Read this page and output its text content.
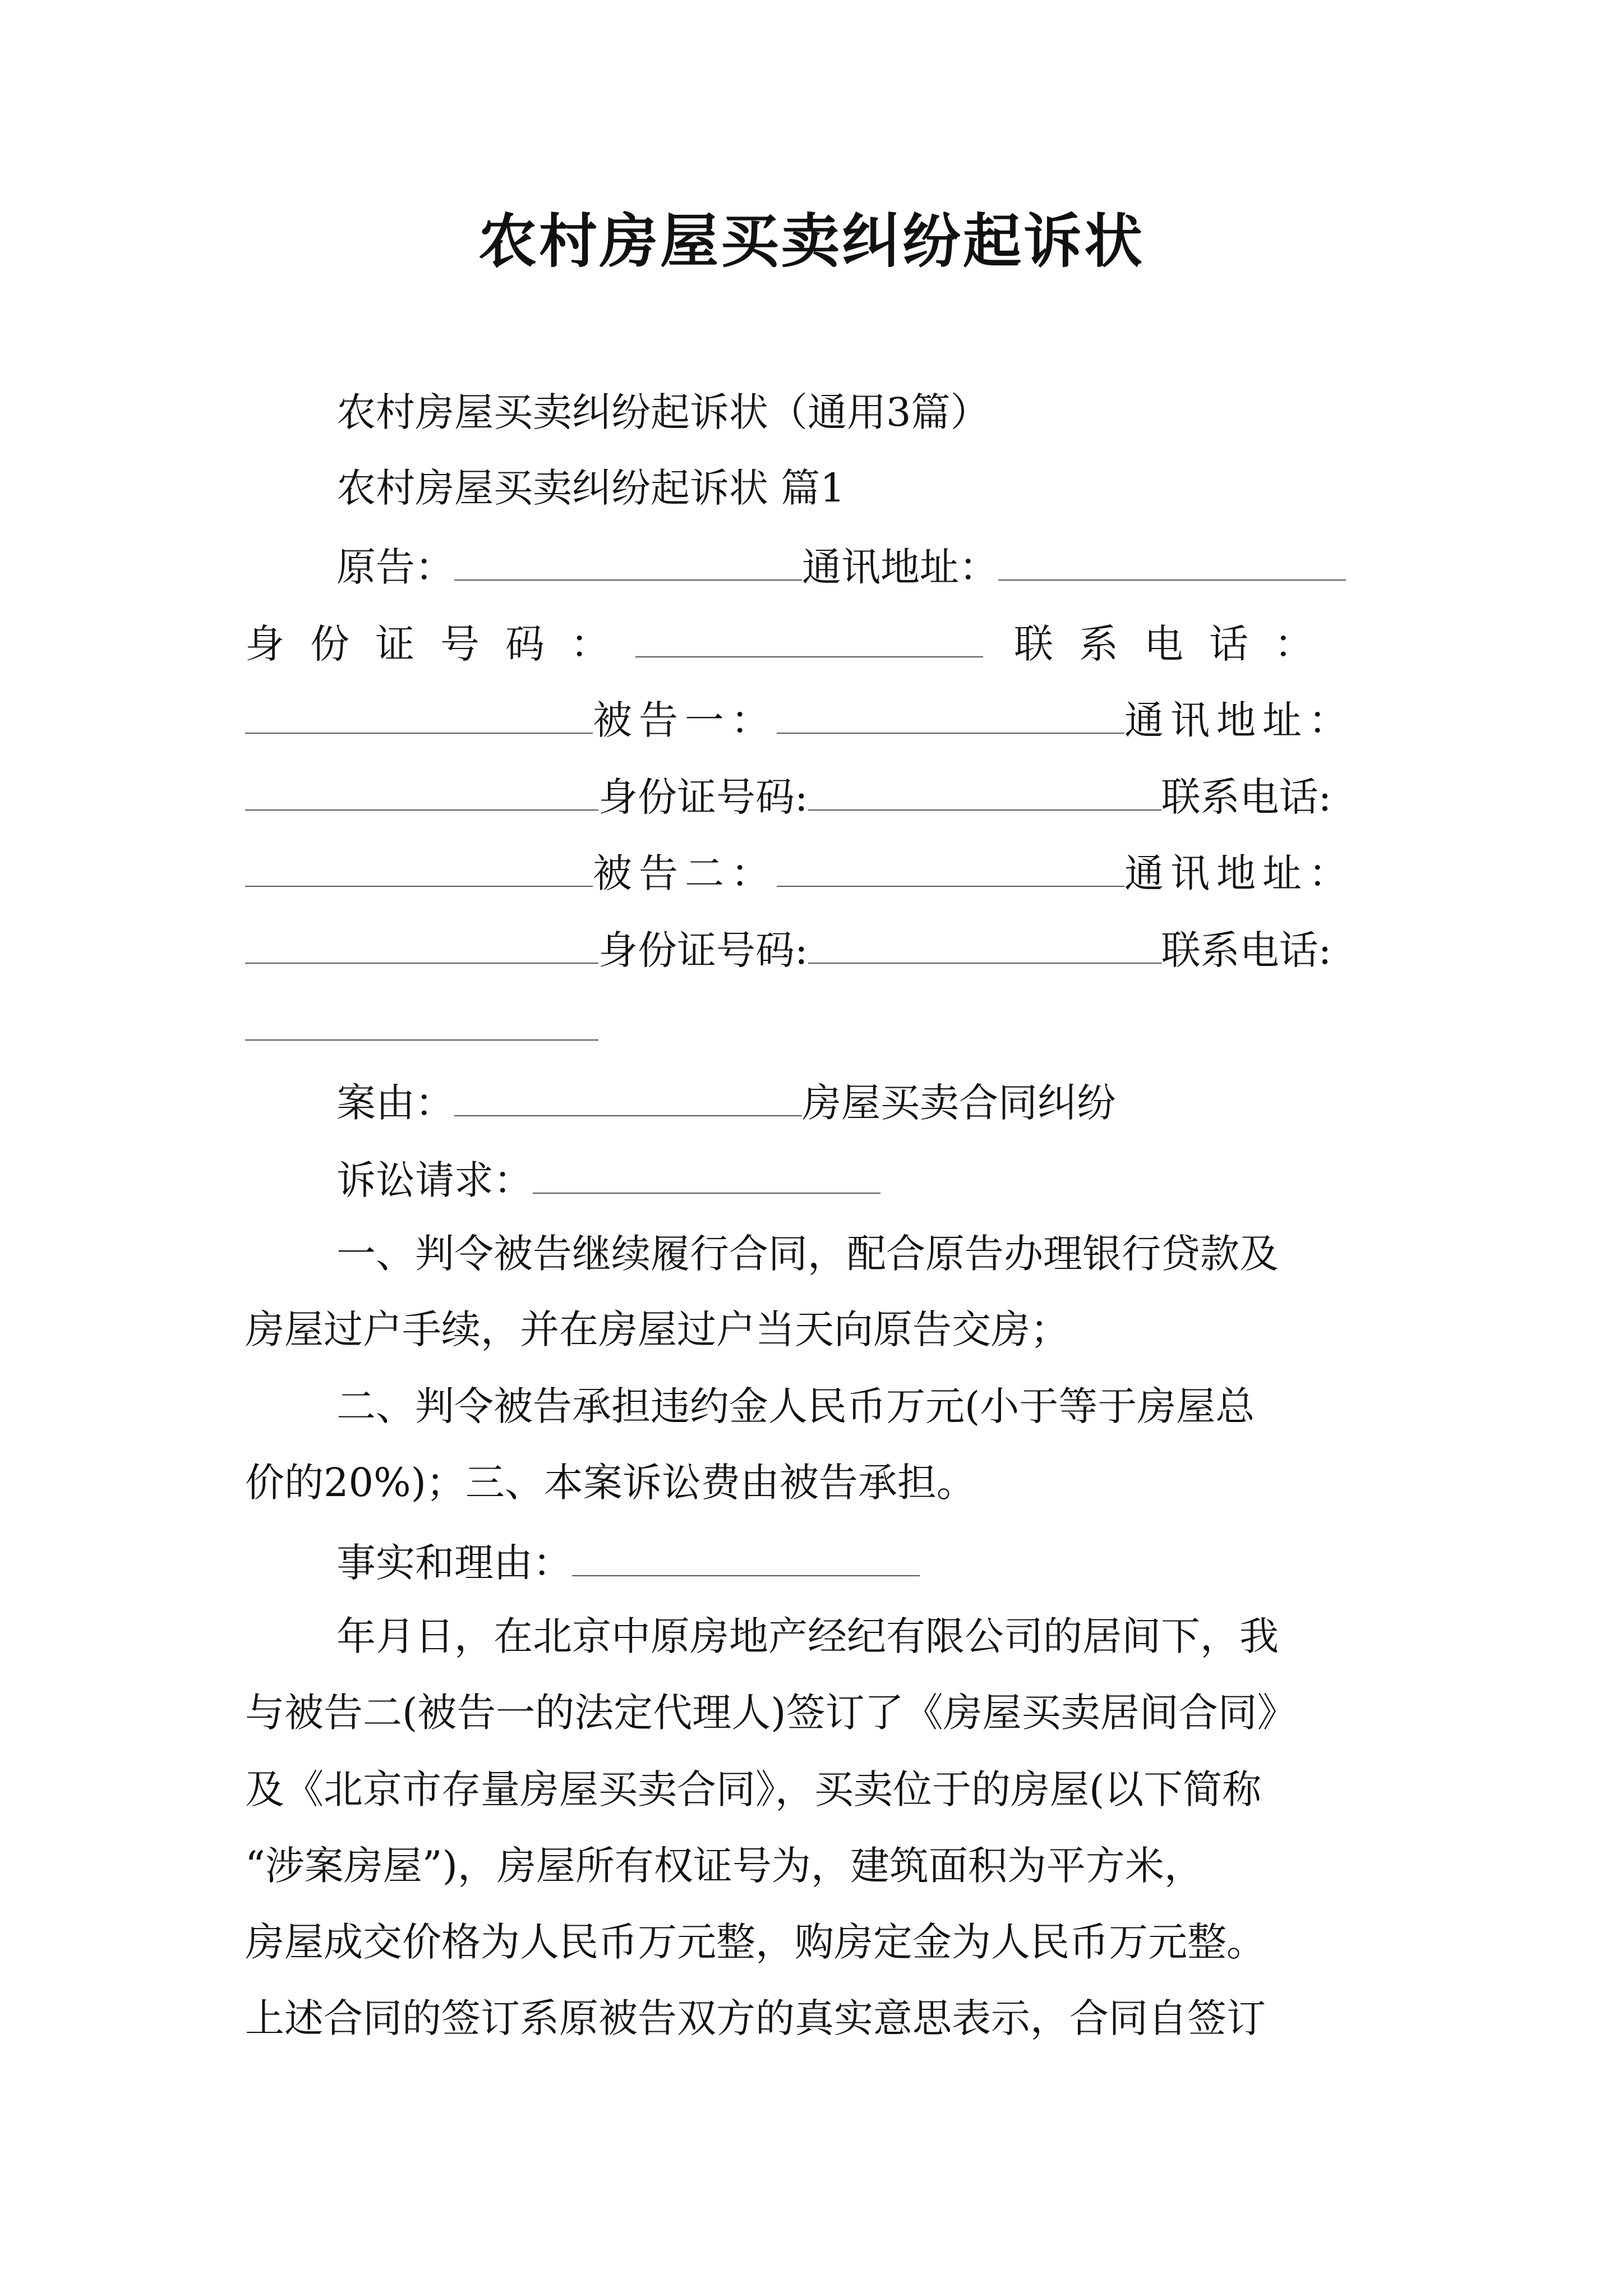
农村房屋买卖纠纷起诉状
农村房屋买卖纠纷起诉状（通用3篇）
农村房屋买卖纠纷起诉状 篇1
原告：	通讯地址：
身份证号码：	联系电话：
被告一：	通讯地址：
身份证号码:	联系电话:
被告二：	通讯地址：
身份证号码:	联系电话:
案由：	房屋买卖合同纠纷
诉讼请求：
一、判令被告继续履行合同，配合原告办理银行贷款及
房屋过户手续，并在房屋过户当天向原告交房；
二、判令被告承担违约金人民币万元(小于等于房屋总
价的20%)；三、本案诉讼费由被告承担。
事实和理由：
年月日，在北京中原房地产经纪有限公司的居间下，我
与被告二(被告一的法定代理人)签订了《房屋买卖居间合同》
及《北京市存量房屋买卖合同》，买卖位于的房屋(以下简称
“涉案房屋”)，房屋所有权证号为，建筑面积为平方米，
房屋成交价格为人民币万元整，购房定金为人民币万元整。
上述合同的签订系原被告双方的真实意思表示，合同自签订
